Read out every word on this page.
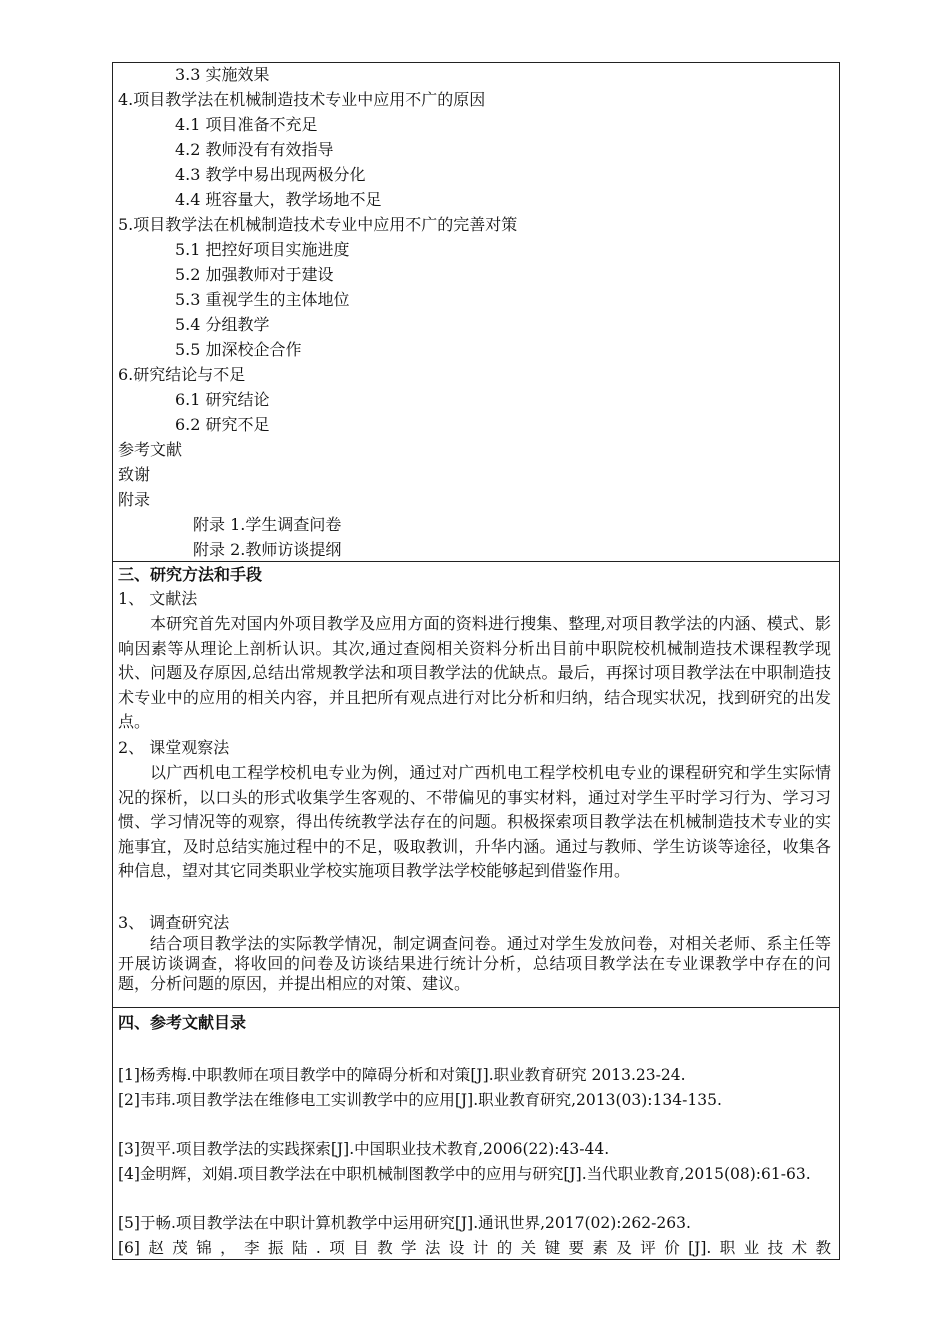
3.3 实施效果
4.项目教学法在机械制造技术专业中应用不广的原因
4.1 项目准备不充足
4.2 教师没有有效指导
4.3 教学中易出现两极分化
4.4 班容量大，教学场地不足
5.项目教学法在机械制造技术专业中应用不广的完善对策
5.1 把控好项目实施进度
5.2 加强教师对于建设
5.3 重视学生的主体地位
5.4 分组教学
5.5 加深校企合作
6.研究结论与不足
6.1 研究结论
6.2 研究不足
参考文献
致谢
附录
附录 1.学生调查问卷
附录 2.教师访谈提纲
三、研究方法和手段
1、 文献法
本研究首先对国内外项目教学及应用方面的资料进行搜集、整理,对项目教学法的内涵、模式、影响因素等从理论上剖析认识。其次,通过查阅相关资料分析出目前中职院校机械制造技术课程教学现状、问题及存原因,总结出常规教学法和项目教学法的优缺点。最后，再探讨项目教学法在中职制造技术专业中的应用的相关内容，并且把所有观点进行对比分析和归纳，结合现实状况，找到研究的出发点。
2、 课堂观察法
以广西机电工程学校机电专业为例，通过对广西机电工程学校机电专业的课程研究和学生实际情况的探析，以口头的形式收集学生客观的、不带偏见的事实材料，通过对学生平时学习行为、学习习惯、学习情况等的观察，得出传统教学法存在的问题。积极探索项目教学法在机械制造技术专业的实施事宜，及时总结实施过程中的不足，吸取教训，升华内涵。通过与教师、学生访谈等途径，收集各种信息，望对其它同类职业学校实施项目教学法学校能够起到借鉴作用。
3、 调查研究法
结合项目教学法的实际教学情况，制定调查问卷。通过对学生发放问卷，对相关老师、系主任等开展访谈调查，将收回的问卷及访谈结果进行统计分析，总结项目教学法在专业课教学中存在的问题，分析问题的原因，并提出相应的对策、建议。
四、参考文献目录
[1]杨秀梅.中职教师在项目教学中的障碍分析和对策[J].职业教育研究 2013.23-24.
[2]韦玮.项目教学法在维修电工实训教学中的应用[J].职业教育研究,2013(03):134-135.
[3]贺平.项目教学法的实践探索[J].中国职业技术教育,2006(22):43-44.
[4]金明辉，刘娟.项目教学法在中职机械制图教学中的应用与研究[J].当代职业教育,2015(08):61-63.
[5]于畅.项目教学法在中职计算机教学中运用研究[J].通讯世界,2017(02):262-263.
[6]赵茂锦，李振陆.项目教学法设计的关键要素及评价[J].职业技术教
